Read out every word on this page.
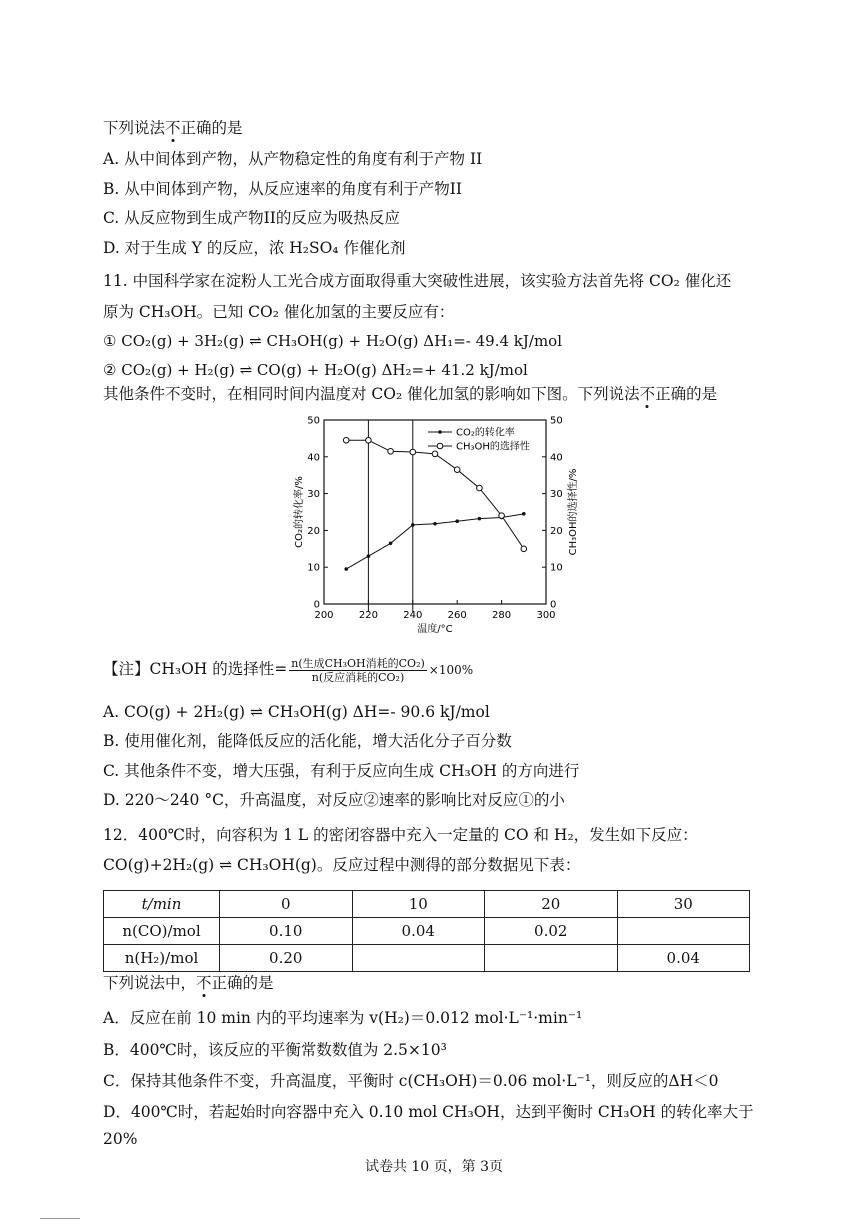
下列说法不正确的是
A. 从中间体到产物，从产物稳定性的角度有利于产物 II
B. 从中间体到产物，从反应速率的角度有利于产物II
C. 从反应物到生成产物II的反应为吸热反应
D. 对于生成 Y 的反应，浓 H₂SO₄ 作催化剂
11. 中国科学家在淀粉人工光合成方面取得重大突破性进展，该实验方法首先将 CO₂ 催化还
原为 CH₃OH。已知 CO₂ 催化加氢的主要反应有：
① CO₂(g) + 3H₂(g) ⇌ CH₃OH(g) + H₂O(g) ΔH₁=- 49.4 kJ/mol
② CO₂(g) + H₂(g) ⇌ CO(g) + H₂O(g) ΔH₂=+ 41.2 kJ/mol
其他条件不变时，在相同时间内温度对 CO₂ 催化加氢的影响如下图。下列说法不正确的是
200	220	240	260	280	300
0	0
10	10
20	20
30	30
40	40
50	50
温度/°C
CO₂的转化率/%	CH₃OH的选择性/%
CO₂的转化率
CH₃OH的选择性
【注】CH₃OH 的选择性= $\frac{\text{n(生成CH₃OH消耗的CO₂)}}{\text{n(反应消耗的CO₂)}} \times 100\%$
A. CO(g) + 2H₂(g) ⇌ CH₃OH(g) ΔH=- 90.6 kJ/mol
B. 使用催化剂，能降低反应的活化能，增大活化分子百分数
C. 其他条件不变，增大压强，有利于反应向生成 CH₃OH 的方向进行
D. 220～240 °C，升高温度，对反应②速率的影响比对反应①的小
12．400℃时，向容积为 1 L 的密闭容器中充入一定量的 CO 和 H₂，发生如下反应：
CO(g)+2H₂(g) ⇌ CH₃OH(g)。反应过程中测得的部分数据见下表：
t/min	0	10	20	30
n(CO)/mol	0.10	0.04	0.02	
n(H₂)/mol	0.20			0.04
下列说法中，不正确的是
A．反应在前 10 min 内的平均速率为 v(H₂)＝0.012 mol·L⁻¹·min⁻¹
B．400℃时，该反应的平衡常数数值为 2.5×10³
C．保持其他条件不变，升高温度，平衡时 c(CH₃OH)＝0.06 mol·L⁻¹，则反应的ΔH＜0
D．400℃时，若起始时向容器中充入 0.10 mol CH₃OH，达到平衡时 CH₃OH 的转化率大于
20%
试卷共 10 页，第 3页
